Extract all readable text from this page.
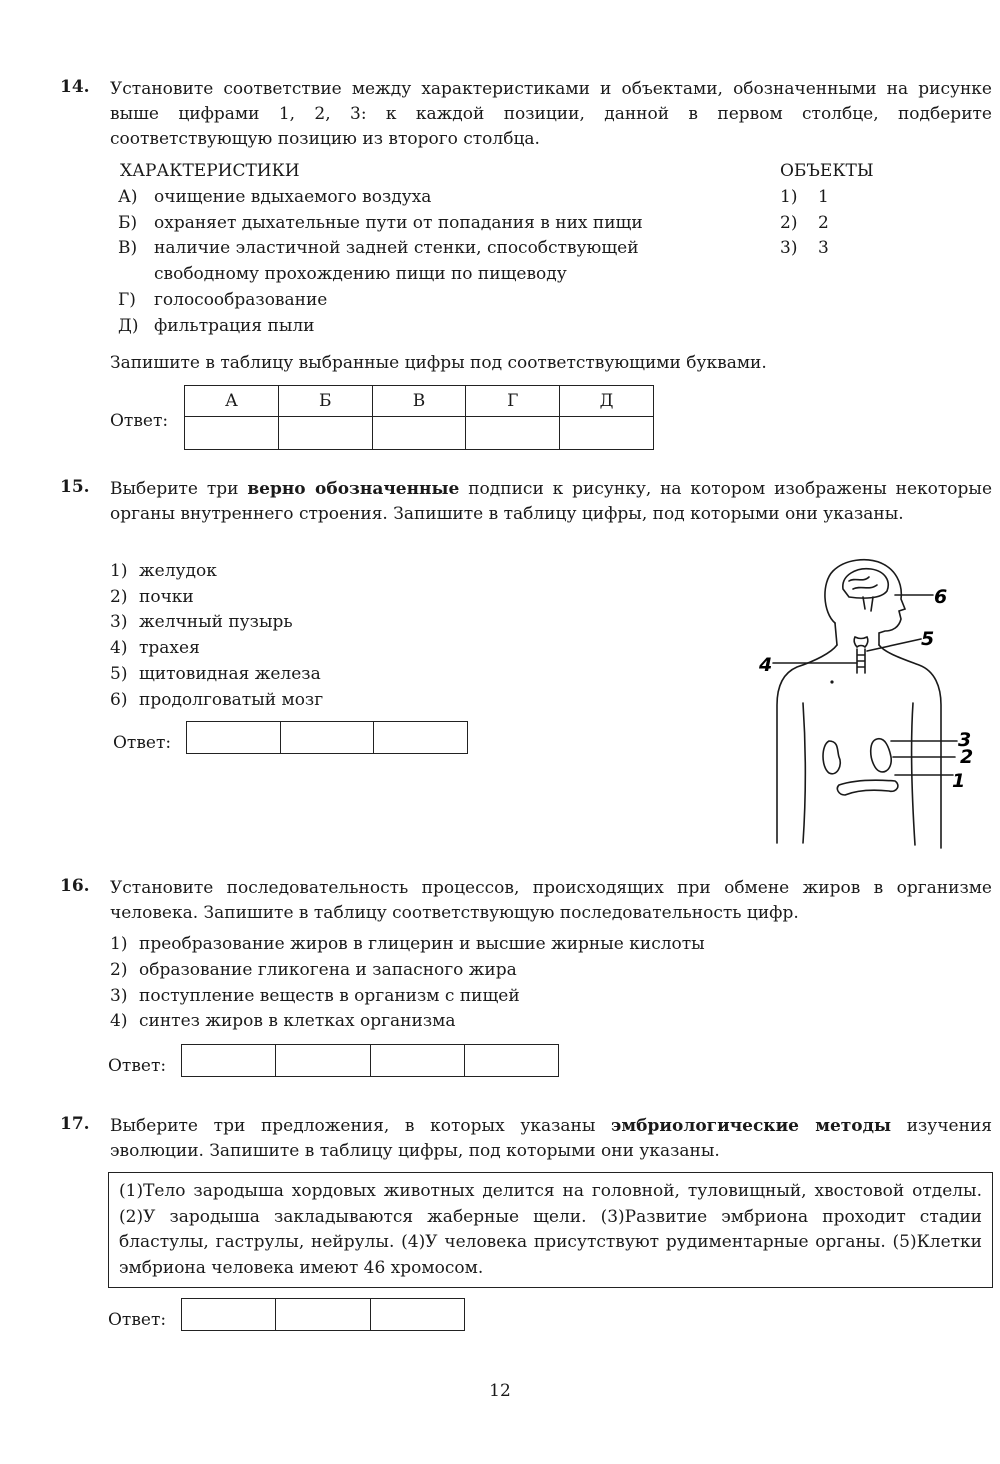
14. Установите соответствие между характеристиками и объектами, обозначенными на рисунке выше цифрами 1, 2, 3: к каждой позиции, данной в первом столбце, подберите соответствующую позицию из второго столбца.
ХАРАКТЕРИСТИКИ	ОБЪЕКТЫ
А) очищение вдыхаемого воздуха
Б) охраняет дыхательные пути от попадания в них пищи
В) наличие эластичной задней стенки, способствующей свободному прохождению пищи по пищеводу
Г)	голосообразование
Д) фильтрация пыли
1)	1
2)	2
3)	3
Запишите в таблицу выбранные цифры под соответствующими буквами.
Ответ:
А	Б	В	Г	Д

15. Выберите три верно обозначенные подписи к рисунку, на котором изображены некоторые органы внутреннего строения. Запишите в таблицу цифры, под которыми они указаны.
1) желудок
2) почки
3) желчный пузырь
4) трахея
5) щитовидная железа
6) продолговатый мозг
Ответ:

6
5
4
3
2
1
16. Установите последовательность процессов, происходящих при обмене жиров в организме человека. Запишите в таблицу соответствующую последовательность цифр.
1) преобразование жиров в глицерин и высшие жирные кислоты
2) образование гликогена и запасного жира
3) поступление веществ в организм с пищей
4) синтез жиров в клетках организма
Ответ:

17. Выберите три предложения, в которых указаны эмбриологические методы изучения эволюции. Запишите в таблицу цифры, под которыми они указаны.
(1)Тело зародыша хордовых животных делится на головной, туловищный, хвостовой отделы. (2)У зародыша закладываются жаберные щели. (3)Развитие эмбриона проходит стадии бластулы, гаструлы, нейрулы. (4)У человека присутствуют рудиментарные органы. (5)Клетки эмбриона человека имеют 46 хромосом.
Ответ:

12
